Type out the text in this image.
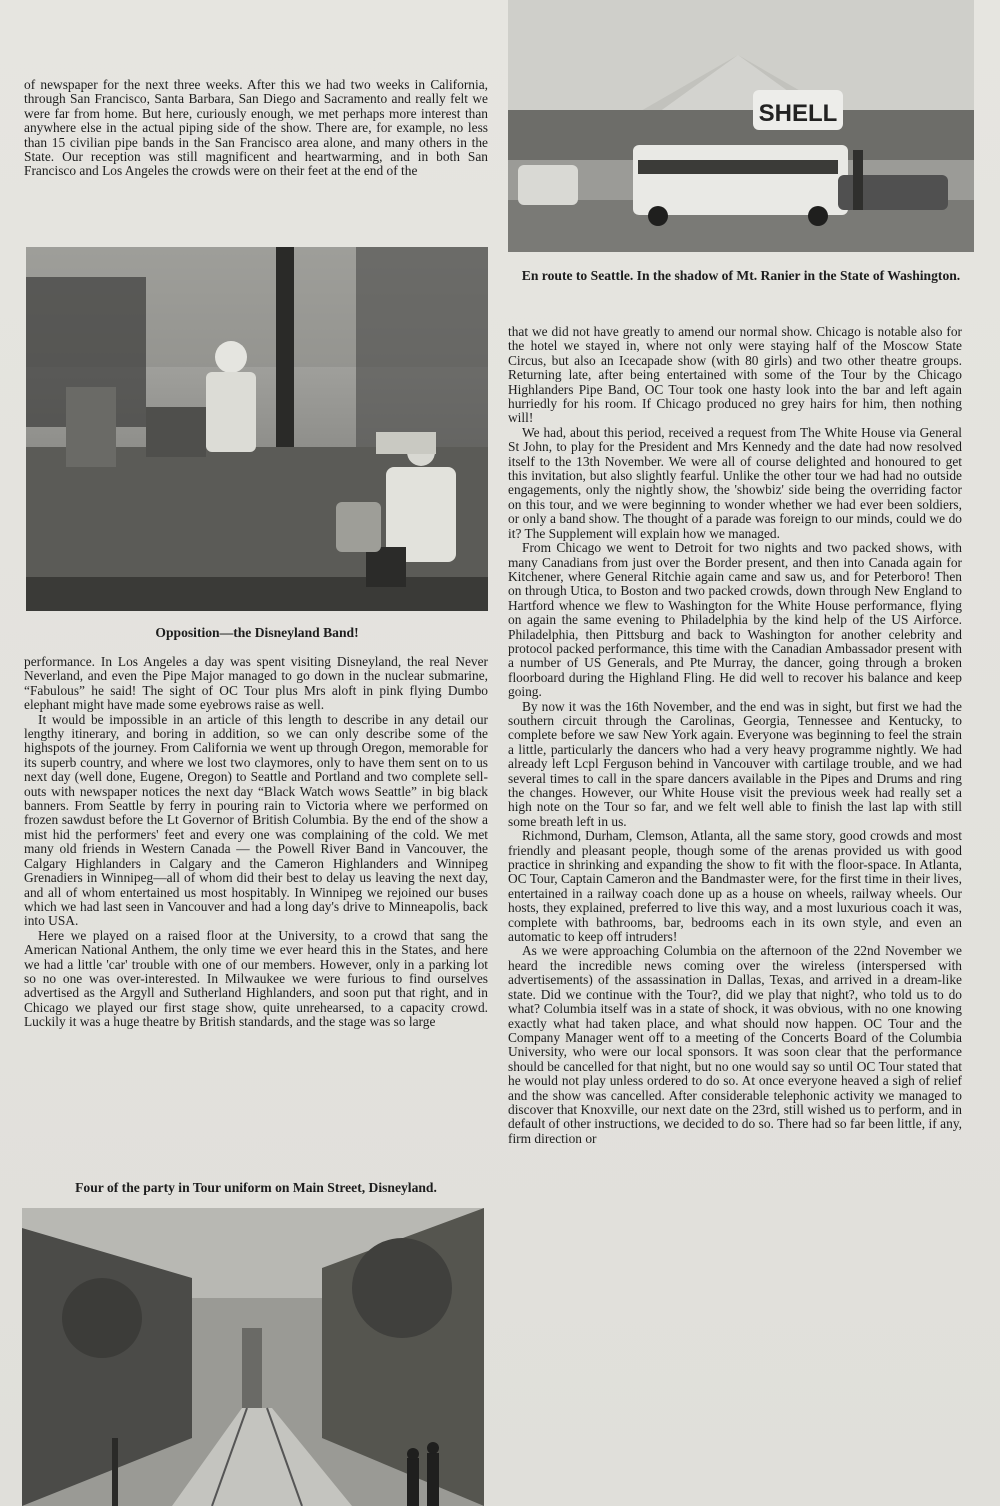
of newspaper for the next three weeks. After this we had two weeks in California, through San Francisco, Santa Barbara, San Diego and Sacramento and really felt we were far from home. But here, curiously enough, we met perhaps more interest than anywhere else in the actual piping side of the show. There are, for example, no less than 15 civilian pipe bands in the San Francisco area alone, and many others in the State. Our reception was still magnificent and heartwarming, and in both San Francisco and Los Angeles the crowds were on their feet at the end of the

Opposition—the Disneyland Band!

performance. In Los Angeles a day was spent visiting Disneyland, the real Never Neverland, and even the Pipe Major managed to go down in the nuclear submarine, “Fabulous” he said! The sight of OC Tour plus Mrs aloft in pink flying Dumbo elephant might have made some eyebrows raise as well.

It would be impossible in an article of this length to describe in any detail our lengthy itinerary, and boring in addition, so we can only describe some of the highspots of the journey. From California we went up through Oregon, memorable for its superb country, and where we lost two claymores, only to have them sent on to us next day (well done, Eugene, Oregon) to Seattle and Portland and two complete sell-outs with newspaper notices the next day “Black Watch wows Seattle” in big black banners. From Seattle by ferry in pouring rain to Victoria where we performed on frozen sawdust before the Lt Governor of British Columbia. By the end of the show a mist hid the performers' feet and every one was complaining of the cold. We met many old friends in Western Canada — the Powell River Band in Vancouver, the Calgary Highlanders in Calgary and the Cameron Highlanders and Winnipeg Grenadiers in Winnipeg—all of whom did their best to delay us leaving the next day, and all of whom entertained us most hospitably. In Winnipeg we rejoined our buses which we had last seen in Vancouver and had a long day's drive to Minneapolis, back into USA.

Here we played on a raised floor at the University, to a crowd that sang the American National Anthem, the only time we ever heard this in the States, and here we had a little 'car' trouble with one of our members. However, only in a parking lot so no one was over-interested. In Milwaukee we were furious to find ourselves advertised as the Argyll and Sutherland Highlanders, and soon put that right, and in Chicago we played our first stage show, quite unrehearsed, to a capacity crowd. Luckily it was a huge theatre by British standards, and the stage was so large

Four of the party in Tour uniform on Main Street, Disneyland.
SHELL
En route to Seattle. In the shadow of Mt. Ranier in the State of Washington.

that we did not have greatly to amend our normal show. Chicago is notable also for the hotel we stayed in, where not only were staying half of the Moscow State Circus, but also an Icecapade show (with 80 girls) and two other theatre groups. Returning late, after being entertained with some of the Tour by the Chicago Highlanders Pipe Band, OC Tour took one hasty look into the bar and left again hurriedly for his room. If Chicago produced no grey hairs for him, then nothing will!

We had, about this period, received a request from The White House via General St John, to play for the President and Mrs Kennedy and the date had now resolved itself to the 13th November. We were all of course delighted and honoured to get this invitation, but also slightly fearful. Unlike the other tour we had had no outside engagements, only the nightly show, the 'showbiz' side being the overriding factor on this tour, and we were beginning to wonder whether we had ever been soldiers, or only a band show. The thought of a parade was foreign to our minds, could we do it? The Supplement will explain how we managed.

From Chicago we went to Detroit for two nights and two packed shows, with many Canadians from just over the Border present, and then into Canada again for Kitchener, where General Ritchie again came and saw us, and for Peterboro! Then on through Utica, to Boston and two packed crowds, down through New England to Hartford whence we flew to Washington for the White House performance, flying on again the same evening to Philadelphia by the kind help of the US Airforce. Philadelphia, then Pittsburg and back to Washington for another celebrity and protocol packed performance, this time with the Canadian Ambassador present with a number of US Generals, and Pte Murray, the dancer, going through a broken floorboard during the Highland Fling. He did well to recover his balance and keep going.

By now it was the 16th November, and the end was in sight, but first we had the southern circuit through the Carolinas, Georgia, Tennessee and Kentucky, to complete before we saw New York again. Everyone was beginning to feel the strain a little, particularly the dancers who had a very heavy programme nightly. We had already left Lcpl Ferguson behind in Vancouver with cartilage trouble, and we had several times to call in the spare dancers available in the Pipes and Drums and ring the changes. However, our White House visit the previous week had really set a high note on the Tour so far, and we felt well able to finish the last lap with still some breath left in us.

Richmond, Durham, Clemson, Atlanta, all the same story, good crowds and most friendly and pleasant people, though some of the arenas provided us with good practice in shrinking and expanding the show to fit with the floor-space. In Atlanta, OC Tour, Captain Cameron and the Bandmaster were, for the first time in their lives, entertained in a railway coach done up as a house on wheels, railway wheels. Our hosts, they explained, preferred to live this way, and a most luxurious coach it was, complete with bathrooms, bar, bedrooms each in its own style, and even an automatic to keep off intruders!

As we were approaching Columbia on the afternoon of the 22nd November we heard the incredible news coming over the wireless (interspersed with advertisements) of the assassination in Dallas, Texas, and arrived in a dream-like state. Did we continue with the Tour?, did we play that night?, who told us to do what? Columbia itself was in a state of shock, it was obvious, with no one knowing exactly what had taken place, and what should now happen. OC Tour and the Company Manager went off to a meeting of the Concerts Board of the Columbia University, who were our local sponsors. It was soon clear that the performance should be cancelled for that night, but no one would say so until OC Tour stated that he would not play unless ordered to do so. At once everyone heaved a sigh of relief and the show was cancelled. After considerable telephonic activity we managed to discover that Knoxville, our next date on the 23rd, still wished us to perform, and in default of other instructions, we decided to do so. There had so far been little, if any, firm direction or
